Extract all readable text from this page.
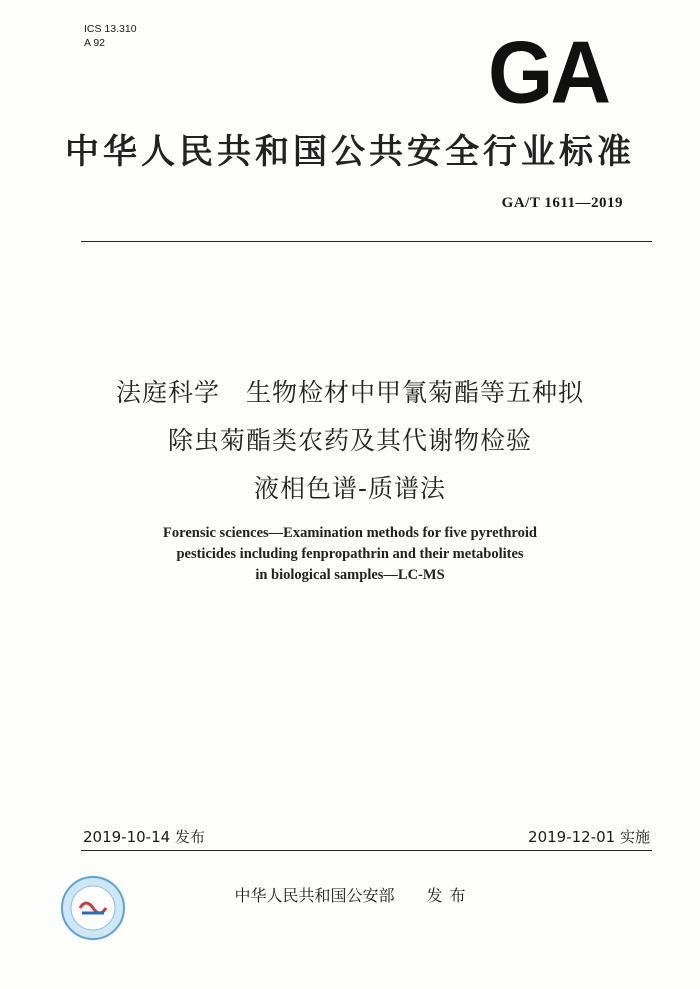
ICS 13.310
A 92	GA
中华人民共和国公共安全行业标准
GA/T 1611—2019
法庭科学　生物检材中甲氰菊酯等五种拟
除虫菊酯类农药及其代谢物检验
液相色谱-质谱法
Forensic sciences—Examination methods for five pyrethroid
pesticides including fenpropathrin and their metabolites
in biological samples—LC-MS
2019-10-14 发布	2019-12-01 实施
中华人民共和国公安部　　发 布
